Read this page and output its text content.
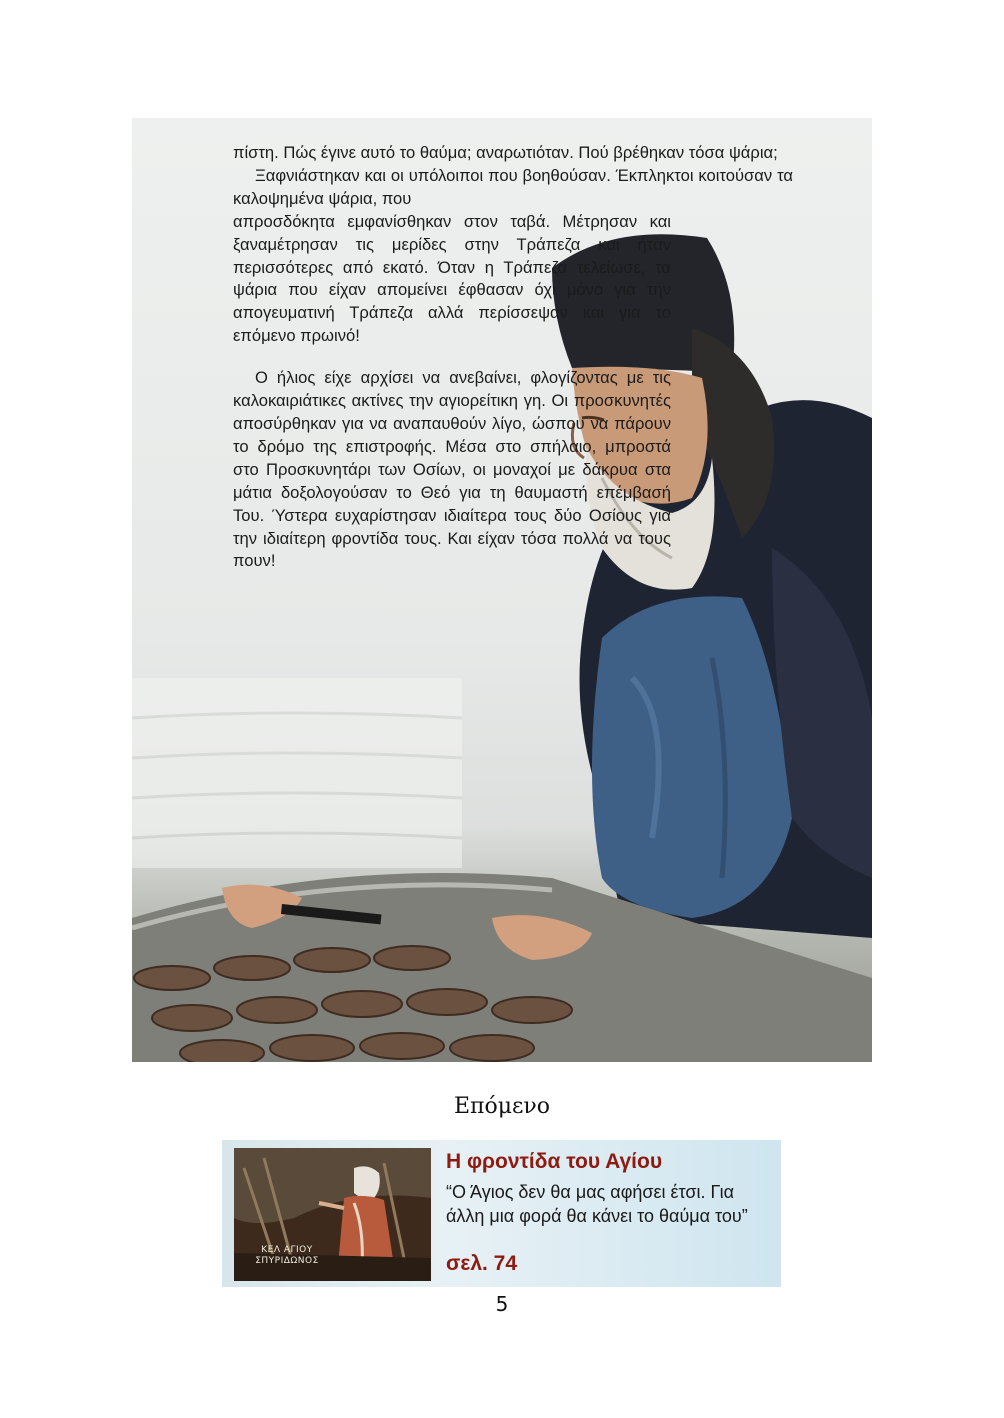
πίστη. Πώς έγινε αυτό το θαύμα; αναρωτιόταν. Πού βρέθηκαν τόσα ψάρια;

Ξαφνιάστηκαν και οι υπόλοιποι που βοηθούσαν. Έκπληκτοι κοιτούσαν τα καλοψημένα ψάρια, που

απροσδόκητα εμφανίσθηκαν στον ταβά. Μέτρησαν και ξαναμέτρησαν τις μερίδες στην Τράπεζα και ήταν περισσότερες από εκατό. Όταν η Τράπεζα τελείωσε, τα ψάρια που είχαν απομείνει έφθασαν όχι μόνο για την απογευματινή Τράπεζα αλλά περίσσεψαν και για το επόμενο πρωινό!

Ο ήλιος είχε αρχίσει να ανεβαίνει, φλογίζοντας με τις καλοκαιριάτικες ακτίνες την αγιορείτικη γη. Οι προσκυνητές αποσύρθηκαν για να αναπαυθούν λίγο, ώσπου να πάρουν το δρόμο της επιστροφής. Μέσα στο σπήλαιο, μπροστά στο Προσκυνητάρι των Οσίων, οι μοναχοί με δάκρυα στα μάτια δοξολογούσαν το Θεό για τη θαυμαστή επέμβασή Του. Ύστερα ευχαρίστησαν ιδιαίτερα τους δύο Οσίους για την ιδιαίτερη φροντίδα τους. Και είχαν τόσα πολλά να τους πουν!

Επόμενο
ΚΕΛ ΑΓΙΟΥ ΣΠΥΡΙΔΩΝΟΣ
Η φροντίδα του Αγίου
“Ο Άγιος δεν θα μας αφήσει έτσι. Για άλλη μια φορά θα κάνει το θαύμα του”
σελ. 74
5
